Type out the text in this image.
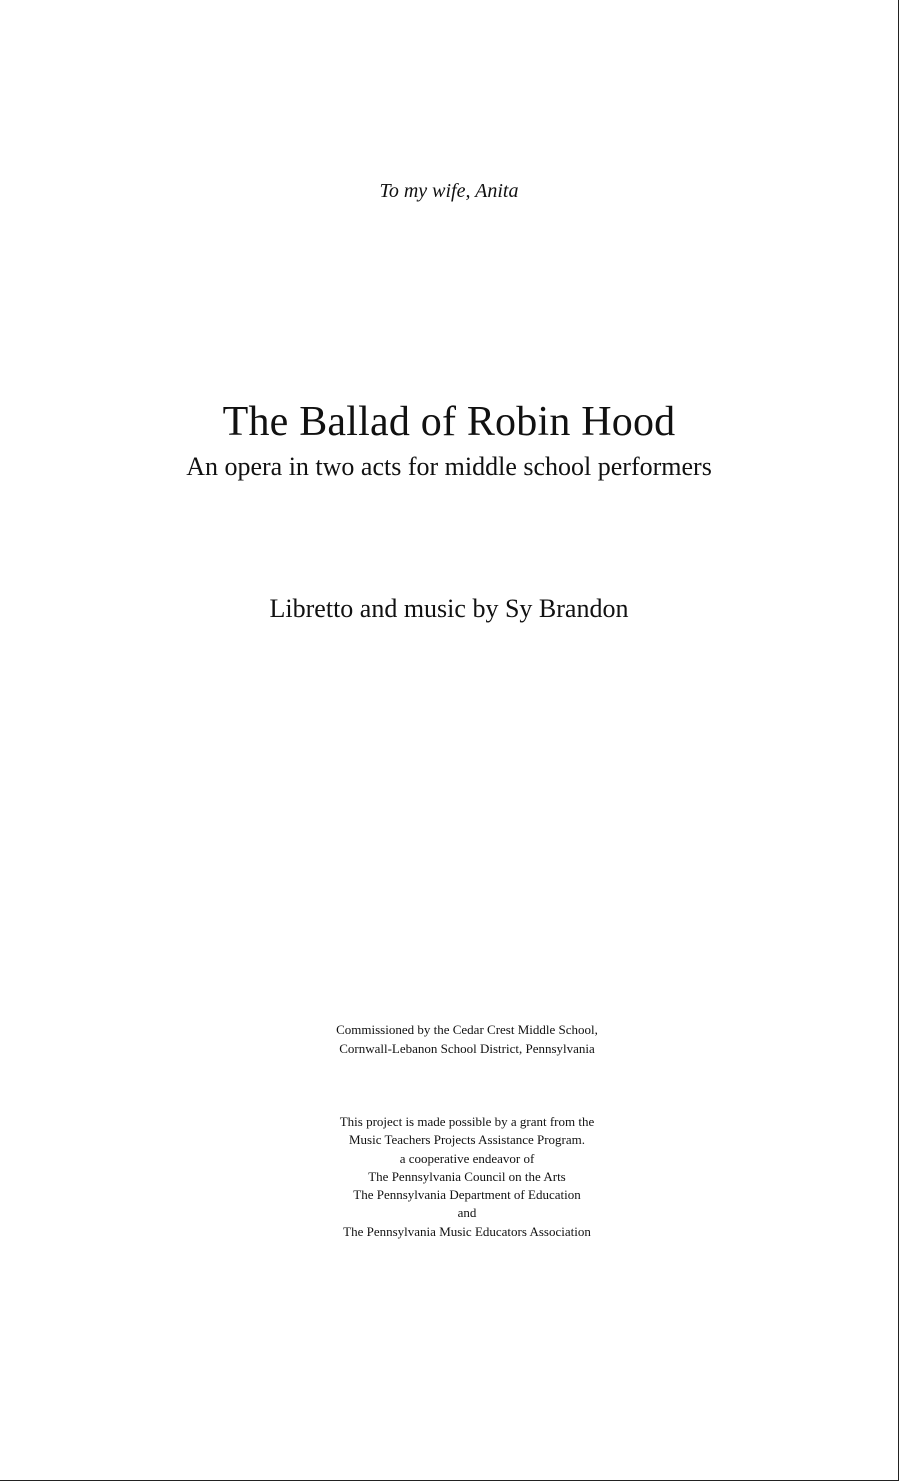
To my wife, Anita
The Ballad of Robin Hood
An opera in two acts for middle school performers
Libretto and music by Sy Brandon
Commissioned by the Cedar Crest Middle School,
Cornwall-Lebanon School District, Pennsylvania
This project is made possible by a grant from the
Music Teachers Projects Assistance Program.
a cooperative endeavor of
The Pennsylvania Council on the Arts
The Pennsylvania Department of Education
and
The Pennsylvania Music Educators Association
